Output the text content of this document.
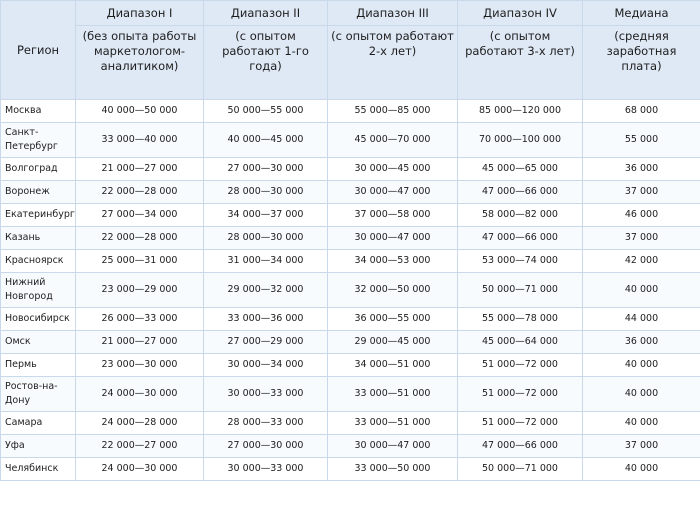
Регион	Диапазон I	Диапазон II	Диапазон III	Диапазон IV	Медиана
	(без опыта работы маркетологом-аналитиком)	(с опытом работают 1-го года)	(с опытом работают 2-х лет)	(с опытом работают 3-х лет)	(средняя заработная плата)
Москва	40 000—50 000	50 000—55 000	55 000—85 000	85 000—120 000	68 000
Санкт-Петербург	33 000—40 000	40 000—45 000	45 000—70 000	70 000—100 000	55 000
Волгоград	21 000—27 000	27 000—30 000	30 000—45 000	45 000—65 000	36 000
Воронеж	22 000—28 000	28 000—30 000	30 000—47 000	47 000—66 000	37 000
Екатеринбург	27 000—34 000	34 000—37 000	37 000—58 000	58 000—82 000	46 000
Казань	22 000—28 000	28 000—30 000	30 000—47 000	47 000—66 000	37 000
Красноярск	25 000—31 000	31 000—34 000	34 000—53 000	53 000—74 000	42 000
Нижний Новгород	23 000—29 000	29 000—32 000	32 000—50 000	50 000—71 000	40 000
Новосибирск	26 000—33 000	33 000—36 000	36 000—55 000	55 000—78 000	44 000
Омск	21 000—27 000	27 000—29 000	29 000—45 000	45 000—64 000	36 000
Пермь	23 000—30 000	30 000—34 000	34 000—51 000	51 000—72 000	40 000
Ростов-на-Дону	24 000—30 000	30 000—33 000	33 000—51 000	51 000—72 000	40 000
Самара	24 000—28 000	28 000—33 000	33 000—51 000	51 000—72 000	40 000
Уфа	22 000—27 000	27 000—30 000	30 000—47 000	47 000—66 000	37 000
Челябинск	24 000—30 000	30 000—33 000	33 000—50 000	50 000—71 000	40 000
